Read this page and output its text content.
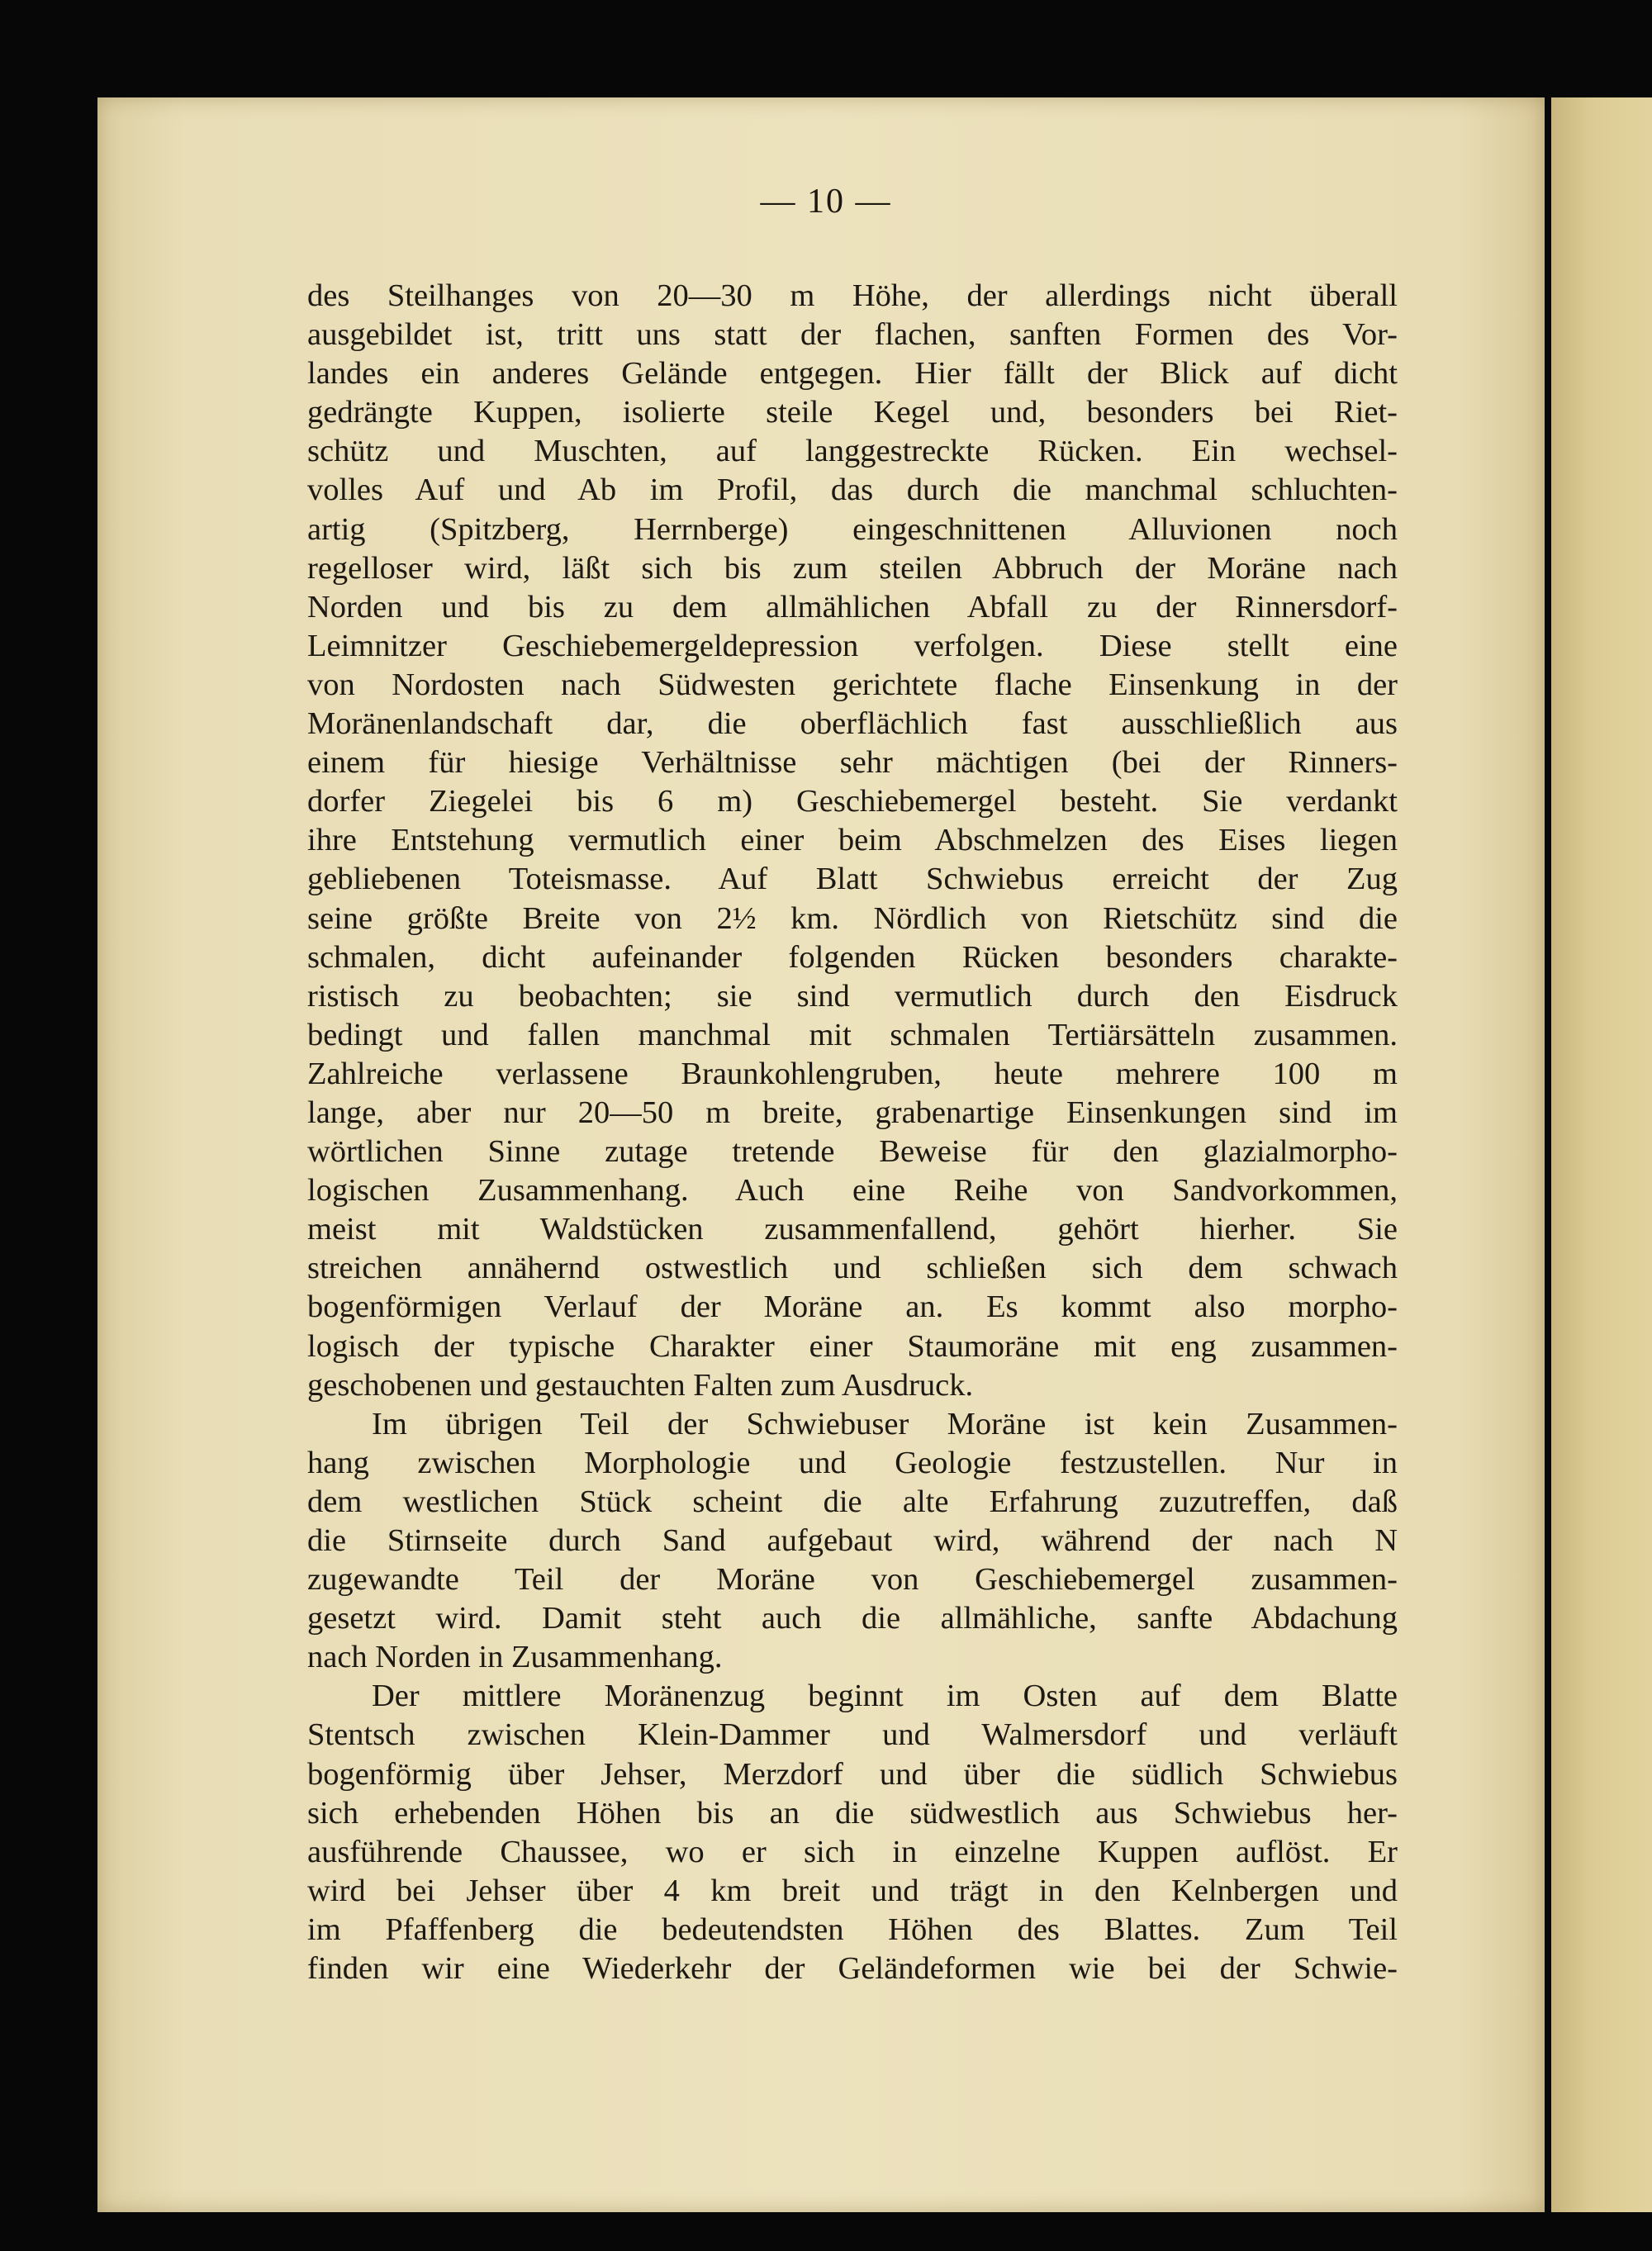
— 10 —
des Steilhanges von 20—30 m Höhe, der allerdings nicht überall
ausgebildet ist, tritt uns statt der flachen, sanften Formen des Vor-
landes ein anderes Gelände entgegen. Hier fällt der Blick auf dicht
gedrängte Kuppen, isolierte steile Kegel und, besonders bei Riet-
schütz und Muschten, auf langgestreckte Rücken. Ein wechsel-
volles Auf und Ab im Profil, das durch die manchmal schluchten-
artig (Spitzberg, Herrnberge) eingeschnittenen Alluvionen noch
regelloser wird, läßt sich bis zum steilen Abbruch der Moräne nach
Norden und bis zu dem allmählichen Abfall zu der Rinnersdorf-
Leimnitzer Geschiebemergeldepression verfolgen. Diese stellt eine
von Nordosten nach Südwesten gerichtete flache Einsenkung in der
Moränenlandschaft dar, die oberflächlich fast ausschließlich aus
einem für hiesige Verhältnisse sehr mächtigen (bei der Rinners-
dorfer Ziegelei bis 6 m) Geschiebemergel besteht. Sie verdankt
ihre Entstehung vermutlich einer beim Abschmelzen des Eises liegen
gebliebenen Toteismasse. Auf Blatt Schwiebus erreicht der Zug
seine größte Breite von 2½ km. Nördlich von Rietschütz sind die
schmalen, dicht aufeinander folgenden Rücken besonders charakte-
ristisch zu beobachten; sie sind vermutlich durch den Eisdruck
bedingt und fallen manchmal mit schmalen Tertiärsätteln zusammen.
Zahlreiche verlassene Braunkohlengruben, heute mehrere 100 m
lange, aber nur 20—50 m breite, grabenartige Einsenkungen sind im
wörtlichen Sinne zutage tretende Beweise für den glazialmorpho-
logischen Zusammenhang. Auch eine Reihe von Sandvorkommen,
meist mit Waldstücken zusammenfallend, gehört hierher. Sie
streichen annähernd ostwestlich und schließen sich dem schwach
bogenförmigen Verlauf der Moräne an. Es kommt also morpho-
logisch der typische Charakter einer Staumoräne mit eng zusammen-
geschobenen und gestauchten Falten zum Ausdruck.
Im übrigen Teil der Schwiebuser Moräne ist kein Zusammen-
hang zwischen Morphologie und Geologie festzustellen. Nur in
dem westlichen Stück scheint die alte Erfahrung zuzutreffen, daß
die Stirnseite durch Sand aufgebaut wird, während der nach N
zugewandte Teil der Moräne von Geschiebemergel zusammen-
gesetzt wird. Damit steht auch die allmähliche, sanfte Abdachung
nach Norden in Zusammenhang.
Der mittlere Moränenzug beginnt im Osten auf dem Blatte
Stentsch zwischen Klein-Dammer und Walmersdorf und verläuft
bogenförmig über Jehser, Merzdorf und über die südlich Schwiebus
sich erhebenden Höhen bis an die südwestlich aus Schwiebus her-
ausführende Chaussee, wo er sich in einzelne Kuppen auflöst. Er
wird bei Jehser über 4 km breit und trägt in den Kelnbergen und
im Pfaffenberg die bedeutendsten Höhen des Blattes. Zum Teil
finden wir eine Wiederkehr der Geländeformen wie bei der Schwie-
